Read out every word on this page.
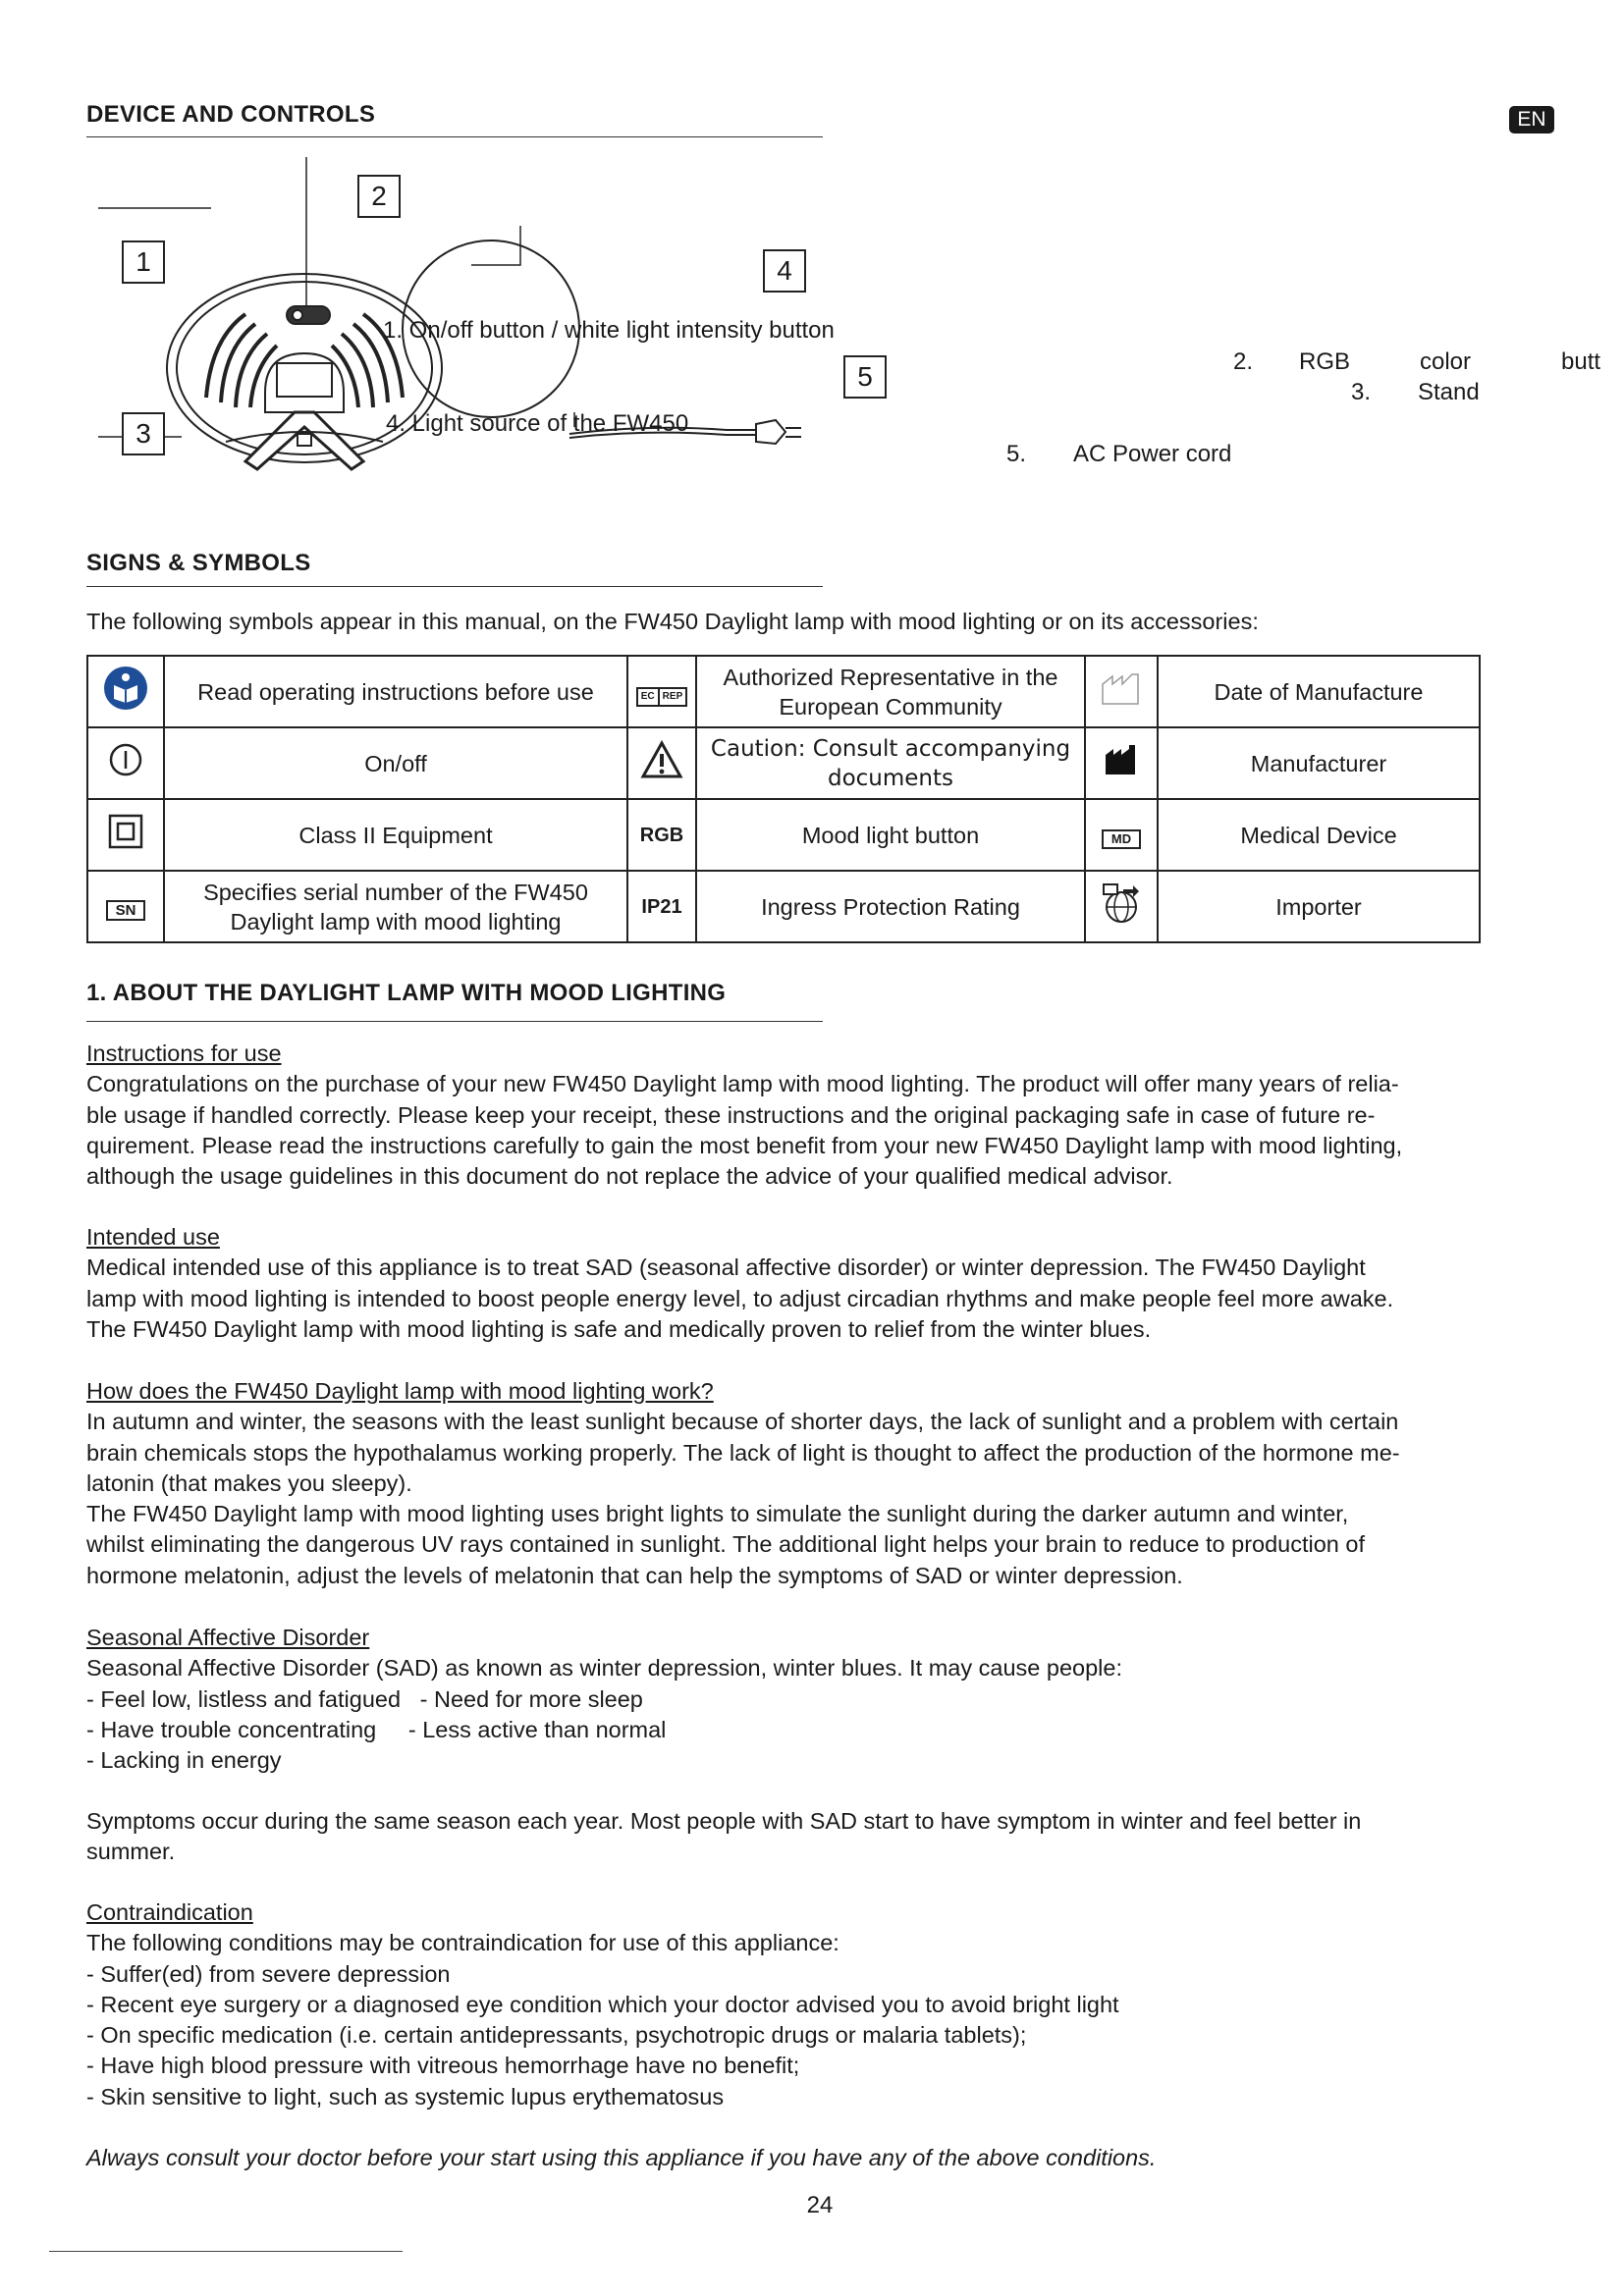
EN
DEVICE AND CONTROLS
1
2
3
4
5
1. On/off button / white light intensity button
4. Light source of the FW450
2. RGB	color	butt
3. Stand
5. AC Power cord
SIGNS & SYMBOLS
The following symbols appear in this manual, on the FW450 Daylight lamp with mood lighting or on its accessories:
	Read operating instructions before use	EC REP	Authorized Representative in the European Community		Date of Manufacture
	On/off		Caution: Consult accompanying documents		Manufacturer
	Class II Equipment	RGB	Mood light button	MD	Medical Device
SN	Specifies serial number of the FW450 Daylight lamp with mood lighting	IP21	Ingress Protection Rating		Importer
1. ABOUT THE DAYLIGHT LAMP WITH MOOD LIGHTING

Instructions for use

Congratulations on the purchase of your new FW450 Daylight lamp with mood lighting. The product will offer many years of relia-

ble usage if handled correctly. Please keep your receipt, these instructions and the original packaging safe in case of future re-

quirement. Please read the instructions carefully to gain the most benefit from your new FW450 Daylight lamp with mood lighting,

although the usage guidelines in this document do not replace the advice of your qualified medical advisor.

Intended use

Medical intended use of this appliance is to treat SAD (seasonal affective disorder) or winter depression. The FW450 Daylight

lamp with mood lighting is intended to boost people energy level, to adjust circadian rhythms and make people feel more awake.

The FW450 Daylight lamp with mood lighting is safe and medically proven to relief from the winter blues.

How does the FW450 Daylight lamp with mood lighting work?

In autumn and winter, the seasons with the least sunlight because of shorter days, the lack of sunlight and a problem with certain

brain chemicals stops the hypothalamus working properly. The lack of light is thought to affect the production of the hormone me-

latonin (that makes you sleepy).

The FW450 Daylight lamp with mood lighting uses bright lights to simulate the sunlight during the darker autumn and winter,

whilst eliminating the dangerous UV rays contained in sunlight. The additional light helps your brain to reduce to production of

hormone melatonin, adjust the levels of melatonin that can help the symptoms of SAD or winter depression.

Seasonal Affective Disorder

Seasonal Affective Disorder (SAD) as known as winter depression, winter blues. It may cause people:

- Feel low, listless and fatigued   - Need for more sleep

- Have trouble concentrating     - Less active than normal

- Lacking in energy

Symptoms occur during the same season each year. Most people with SAD start to have symptom in winter and feel better in

summer.

Contraindication

The following conditions may be contraindication for use of this appliance:

- Suffer(ed) from severe depression

- Recent eye surgery or a diagnosed eye condition which your doctor advised you to avoid bright light

- On specific medication (i.e. certain antidepressants, psychotropic drugs or malaria tablets);

- Have high blood pressure with vitreous hemorrhage have no benefit;

- Skin sensitive to light, such as systemic lupus erythematosus

Always consult your doctor before your start using this appliance if you have any of the above conditions.
24
